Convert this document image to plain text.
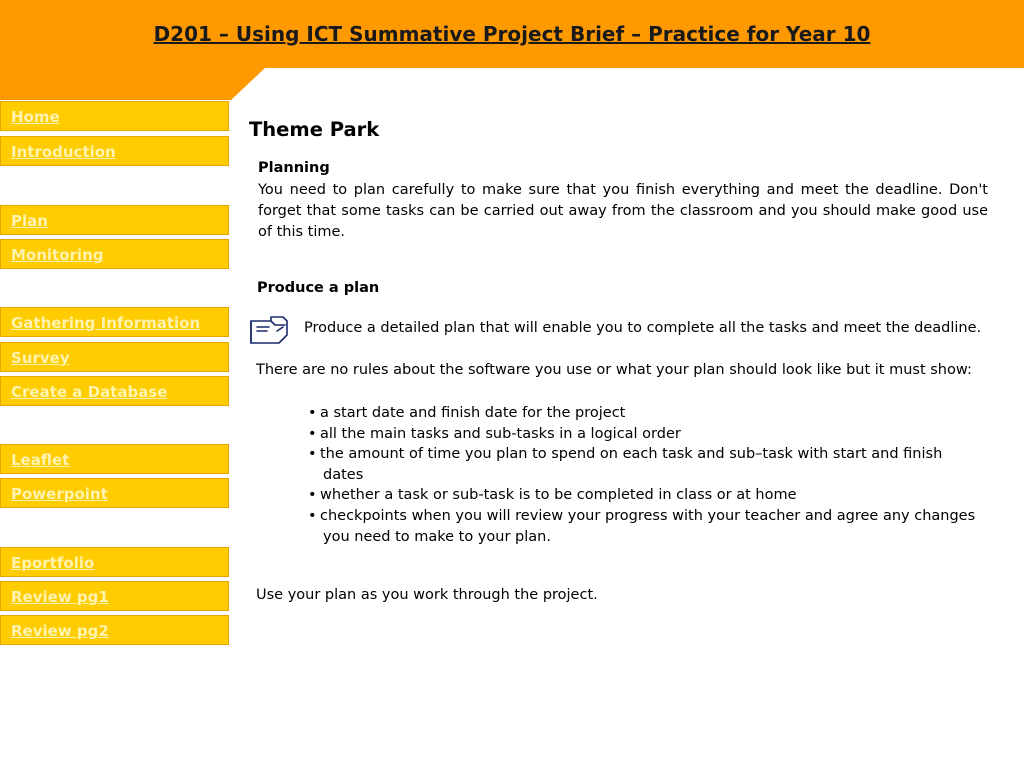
D201 – Using ICT Summative Project Brief – Practice for Year 10
Home
Introduction
Plan
Monitoring
Gathering Information
Survey
Create a Database
Leaflet
Powerpoint
Eportfolio
Review pg1
Review pg2
Theme Park
Planning
You need to plan carefully to make sure that you finish everything and meet the deadline. Don't forget that some tasks can be carried out away from the classroom and you should make good use of this time.
Produce a plan
Produce a detailed plan that will enable you to complete all the tasks and meet the deadline.
There are no rules about the software you use or what your plan should look like but it must show:
• a start date and finish date for the project
• all the main tasks and sub-tasks in a logical order
• the amount of time you plan to spend on each task and sub–task with start and finish
dates
• whether a task or sub-task is to be completed in class or at home
• checkpoints when you will review your progress with your teacher and agree any changes
you need to make to your plan.
Use your plan as you work through the project.
